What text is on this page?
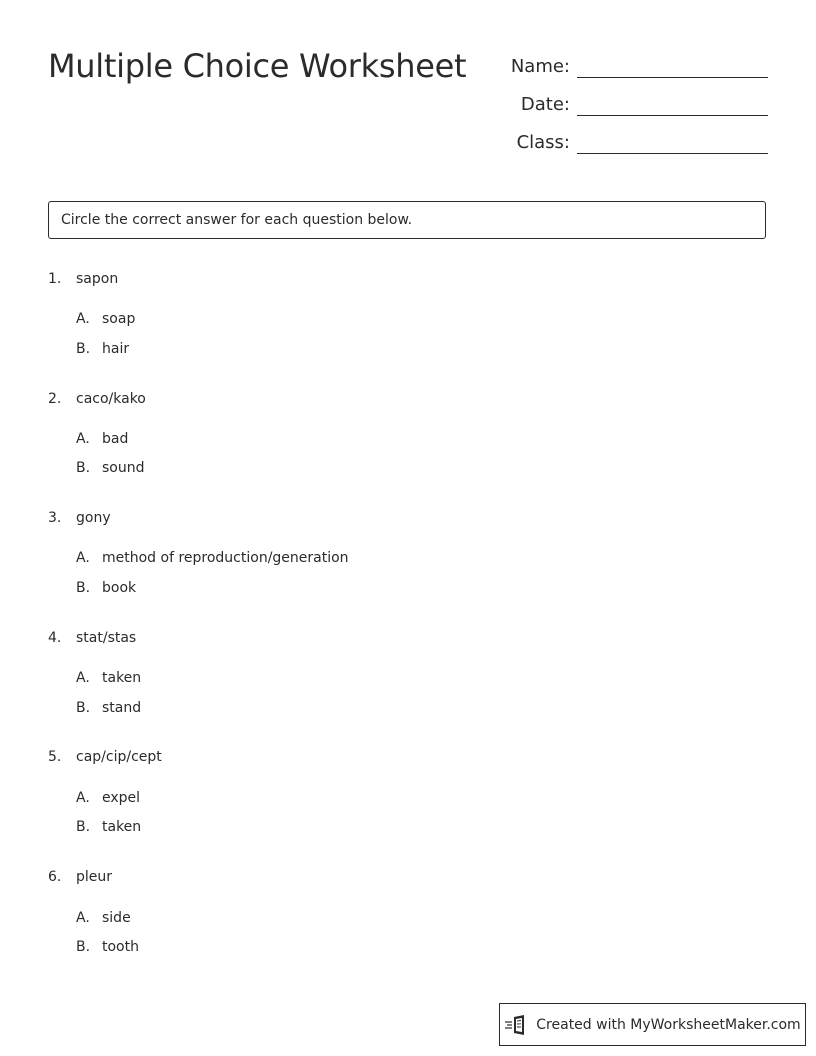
Multiple Choice Worksheet Name:
Date:
Class:
Circle the correct answer for each question below.
1.	sapon
A. soap
B. hair
2.	caco/kako
A. bad
B. sound
3.	gony
A. method of reproduction/generation
B. book
4.	stat/stas
A. taken
B. stand
5.	cap/cip/cept
A. expel
B. taken
6.	pleur
A. side
B. tooth
Created with MyWorksheetMaker.com
